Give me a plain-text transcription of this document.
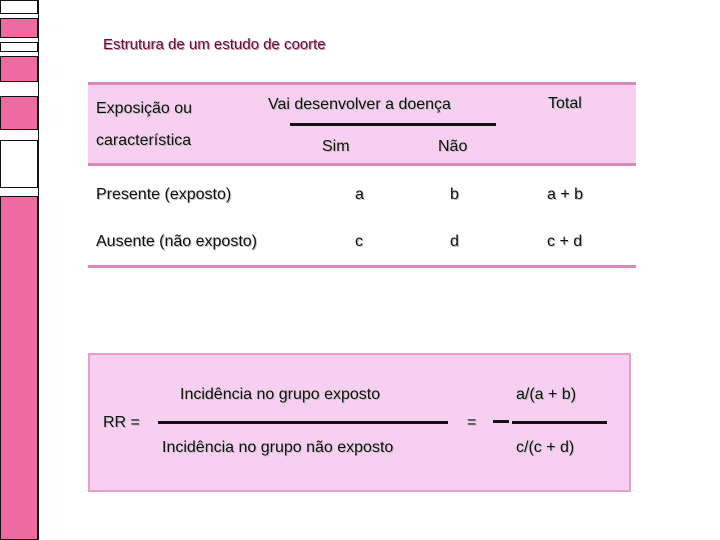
Estrutura de um estudo de coorte
Exposição ou
característica
Vai desenvolver a doença
Sim	Não
Total
Presente (exposto)	a	b	a + b
Ausente (não exposto)	c	d	c + d
RR =
Incidência no grupo exposto
Incidência no grupo não exposto
=
a/(a + b)
c/(c + d)
